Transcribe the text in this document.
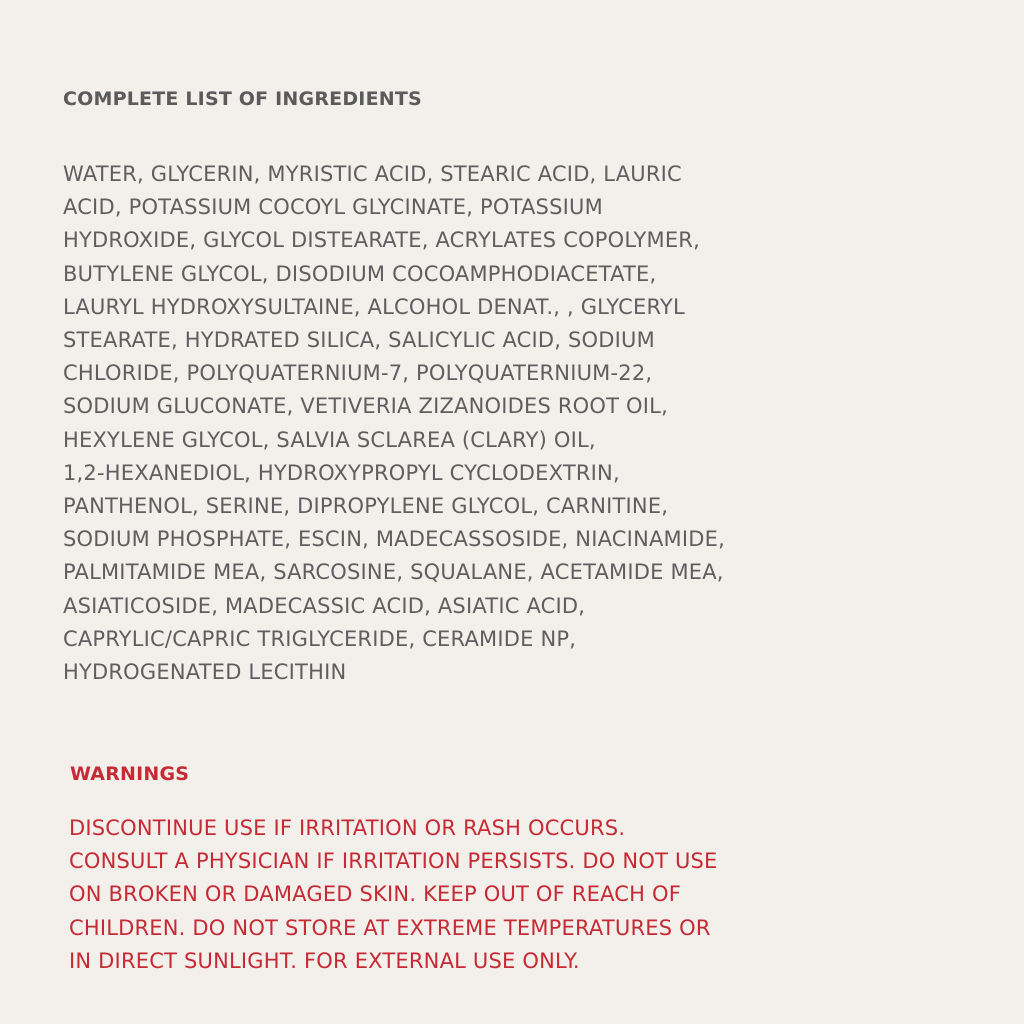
COMPLETE LIST OF INGREDIENTS

WATER, GLYCERIN, MYRISTIC ACID, STEARIC ACID, LAURIC
ACID, POTASSIUM COCOYL GLYCINATE, POTASSIUM
HYDROXIDE, GLYCOL DISTEARATE, ACRYLATES COPOLYMER,
BUTYLENE GLYCOL, DISODIUM COCOAMPHODIACETATE,
LAURYL HYDROXYSULTAINE, ALCOHOL DENAT., , GLYCERYL
STEARATE, HYDRATED SILICA, SALICYLIC ACID, SODIUM
CHLORIDE, POLYQUATERNIUM-7, POLYQUATERNIUM-22,
SODIUM GLUCONATE, VETIVERIA ZIZANOIDES ROOT OIL,
HEXYLENE GLYCOL, SALVIA SCLAREA (CLARY) OIL,
1,2-HEXANEDIOL, HYDROXYPROPYL CYCLODEXTRIN,
PANTHENOL, SERINE, DIPROPYLENE GLYCOL, CARNITINE,
SODIUM PHOSPHATE, ESCIN, MADECASSOSIDE, NIACINAMIDE,
PALMITAMIDE MEA, SARCOSINE, SQUALANE, ACETAMIDE MEA,
ASIATICOSIDE, MADECASSIC ACID, ASIATIC ACID,
CAPRYLIC/CAPRIC TRIGLYCERIDE, CERAMIDE NP,
HYDROGENATED LECITHIN

WARNINGS

DISCONTINUE USE IF IRRITATION OR RASH OCCURS.
CONSULT A PHYSICIAN IF IRRITATION PERSISTS. DO NOT USE
ON BROKEN OR DAMAGED SKIN. KEEP OUT OF REACH OF
CHILDREN. DO NOT STORE AT EXTREME TEMPERATURES OR
IN DIRECT SUNLIGHT. FOR EXTERNAL USE ONLY.
